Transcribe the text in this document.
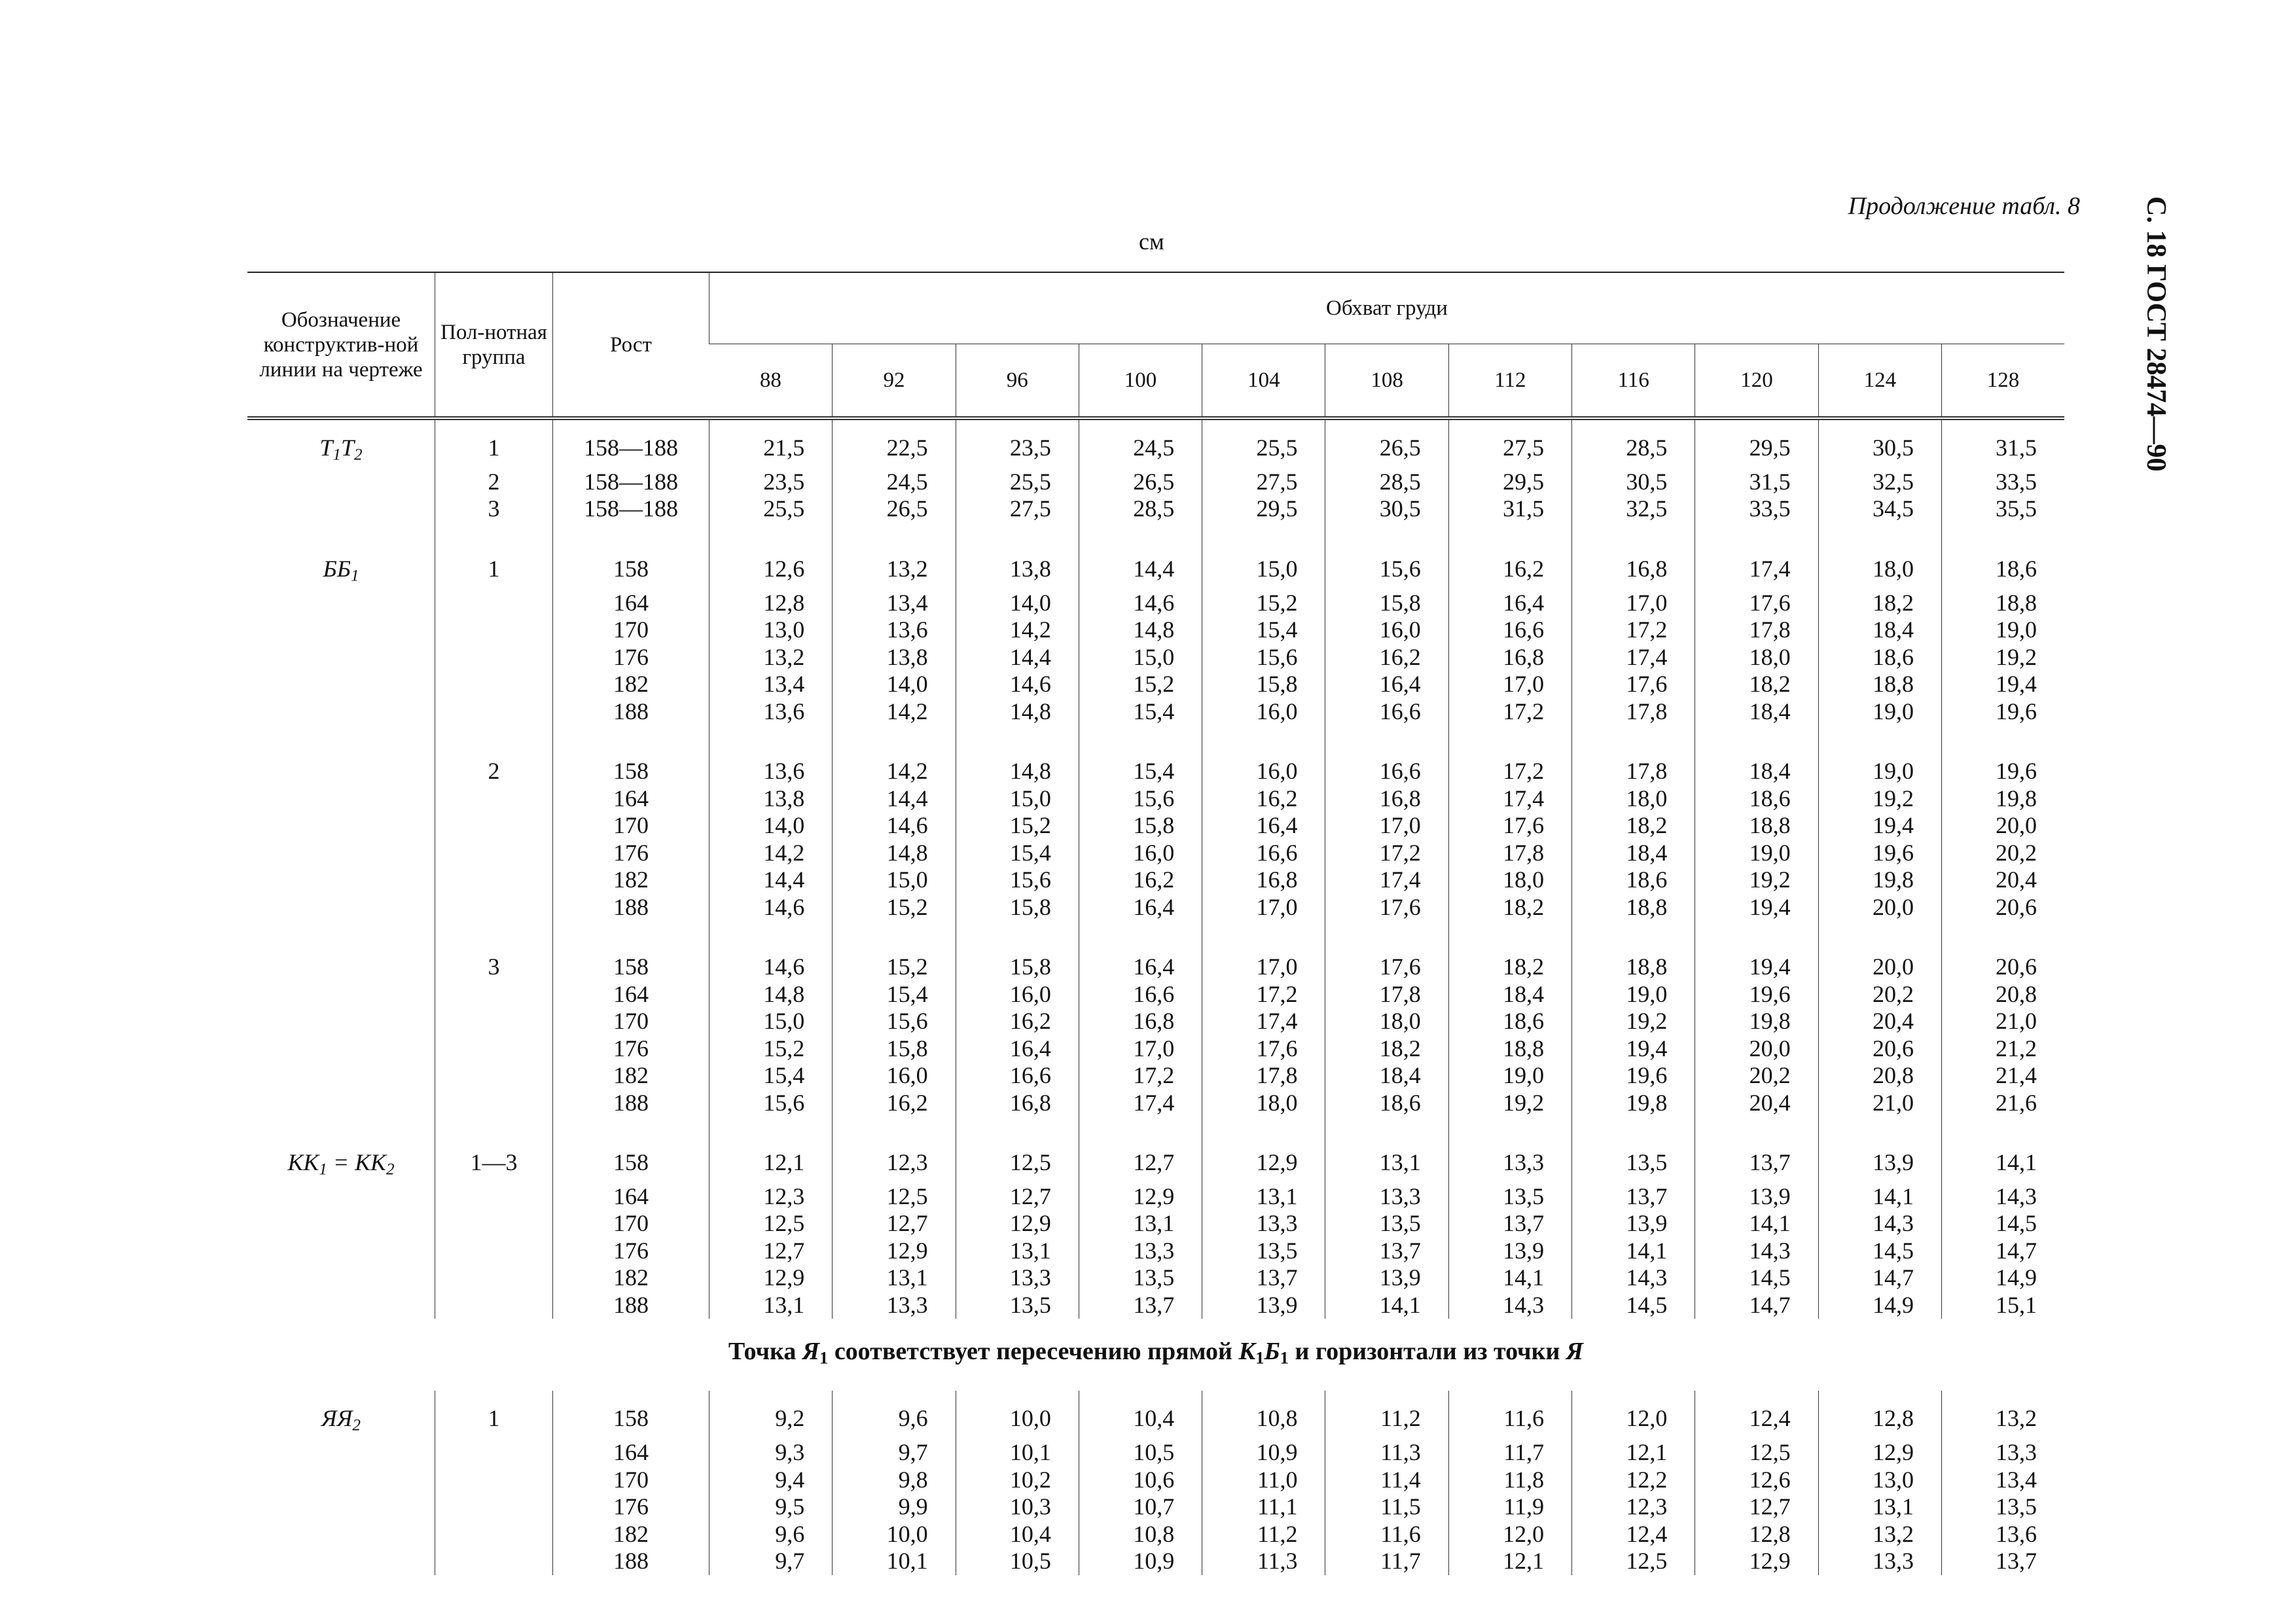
Продолжение табл. 8
см	С. 18 ГОСТ 28474—90
Обозначение конструктив-ной линии на чертеже	Пол-нотная группа	Рост	Обхват груди										
			88	92	96	100	104	108	112	116	120	124	128
$Т_1Т_2$	1	158—188	21,5	22,5	23,5	24,5	25,5	26,5	27,5	28,5	29,5	30,5	31,5
	2	158—188	23,5	24,5	25,5	26,5	27,5	28,5	29,5	30,5	31,5	32,5	33,5
	3	158—188	25,5	26,5	27,5	28,5	29,5	30,5	31,5	32,5	33,5	34,5	35,5

$ББ_1$	1	158	12,6	13,2	13,8	14,4	15,0	15,6	16,2	16,8	17,4	18,0	18,6
		164	12,8	13,4	14,0	14,6	15,2	15,8	16,4	17,0	17,6	18,2	18,8
		170	13,0	13,6	14,2	14,8	15,4	16,0	16,6	17,2	17,8	18,4	19,0
		176	13,2	13,8	14,4	15,0	15,6	16,2	16,8	17,4	18,0	18,6	19,2
		182	13,4	14,0	14,6	15,2	15,8	16,4	17,0	17,6	18,2	18,8	19,4
		188	13,6	14,2	14,8	15,4	16,0	16,6	17,2	17,8	18,4	19,0	19,6

	2	158	13,6	14,2	14,8	15,4	16,0	16,6	17,2	17,8	18,4	19,0	19,6
		164	13,8	14,4	15,0	15,6	16,2	16,8	17,4	18,0	18,6	19,2	19,8
		170	14,0	14,6	15,2	15,8	16,4	17,0	17,6	18,2	18,8	19,4	20,0
		176	14,2	14,8	15,4	16,0	16,6	17,2	17,8	18,4	19,0	19,6	20,2
		182	14,4	15,0	15,6	16,2	16,8	17,4	18,0	18,6	19,2	19,8	20,4
		188	14,6	15,2	15,8	16,4	17,0	17,6	18,2	18,8	19,4	20,0	20,6

	3	158	14,6	15,2	15,8	16,4	17,0	17,6	18,2	18,8	19,4	20,0	20,6
		164	14,8	15,4	16,0	16,6	17,2	17,8	18,4	19,0	19,6	20,2	20,8
		170	15,0	15,6	16,2	16,8	17,4	18,0	18,6	19,2	19,8	20,4	21,0
		176	15,2	15,8	16,4	17,0	17,6	18,2	18,8	19,4	20,0	20,6	21,2
		182	15,4	16,0	16,6	17,2	17,8	18,4	19,0	19,6	20,2	20,8	21,4
		188	15,6	16,2	16,8	17,4	18,0	18,6	19,2	19,8	20,4	21,0	21,6

$КК_1 = КК_2$	1—3	158	12,1	12,3	12,5	12,7	12,9	13,1	13,3	13,5	13,7	13,9	14,1
		164	12,3	12,5	12,7	12,9	13,1	13,3	13,5	13,7	13,9	14,1	14,3
		170	12,5	12,7	12,9	13,1	13,3	13,5	13,7	13,9	14,1	14,3	14,5
		176	12,7	12,9	13,1	13,3	13,5	13,7	13,9	14,1	14,3	14,5	14,7
		182	12,9	13,1	13,3	13,5	13,7	13,9	14,1	14,3	14,5	14,7	14,9
		188	13,1	13,3	13,5	13,7	13,9	14,1	14,3	14,5	14,7	14,9	15,1
Точка $Я_1$ соответствует пересечению прямой $К_1Б_1$ и горизонтали из точки Я													
$ЯЯ_2$	1	158	9,2	9,6	10,0	10,4	10,8	11,2	11,6	12,0	12,4	12,8	13,2
		164	9,3	9,7	10,1	10,5	10,9	11,3	11,7	12,1	12,5	12,9	13,3
		170	9,4	9,8	10,2	10,6	11,0	11,4	11,8	12,2	12,6	13,0	13,4
		176	9,5	9,9	10,3	10,7	11,1	11,5	11,9	12,3	12,7	13,1	13,5
		182	9,6	10,0	10,4	10,8	11,2	11,6	12,0	12,4	12,8	13,2	13,6
		188	9,7	10,1	10,5	10,9	11,3	11,7	12,1	12,5	12,9	13,3	13,7
